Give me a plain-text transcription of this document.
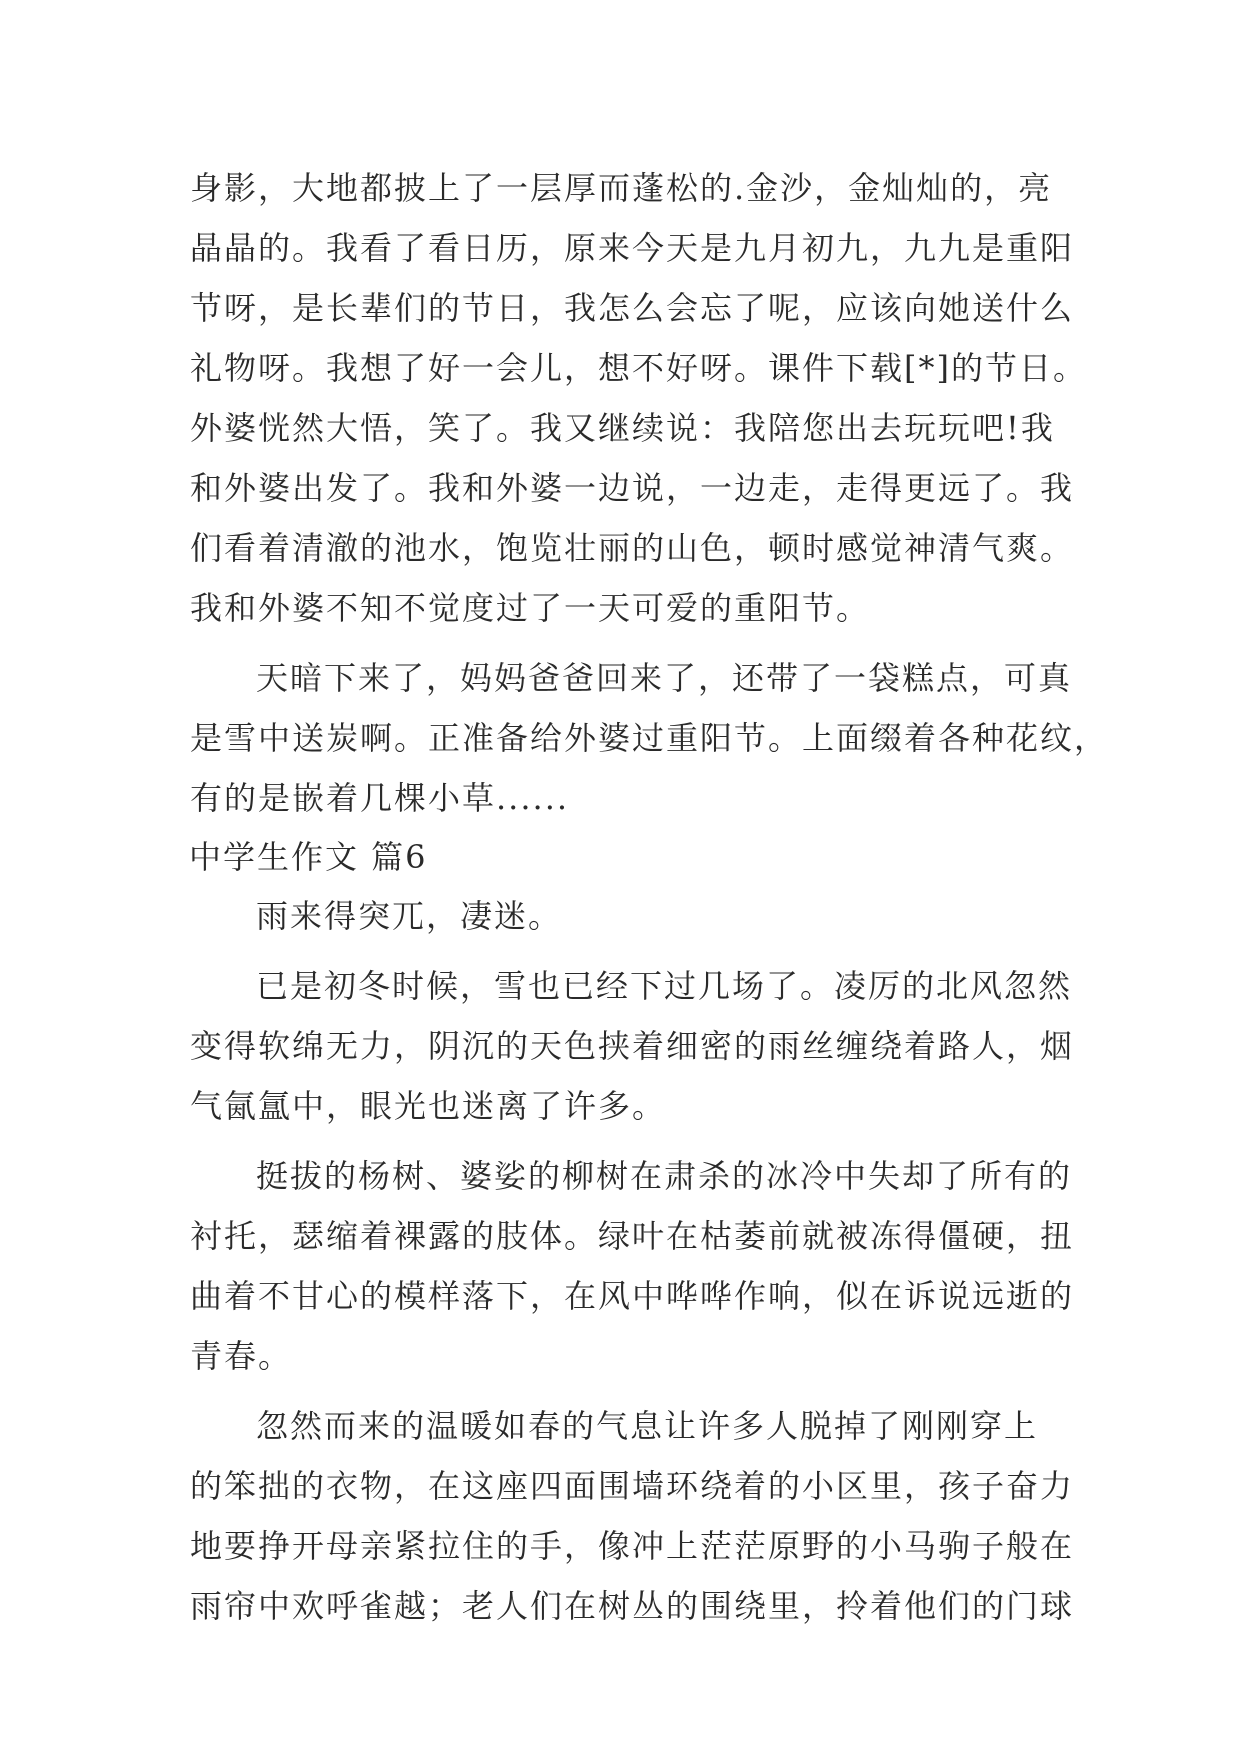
身影，大地都披上了一层厚而蓬松的.金沙，金灿灿的，亮
晶晶的。我看了看日历，原来今天是九月初九，九九是重阳
节呀，是长辈们的节日，我怎么会忘了呢，应该向她送什么
礼物呀。我想了好一会儿，想不好呀。课件下载[*]的节日。
外婆恍然大悟，笑了。我又继续说：我陪您出去玩玩吧!我
和外婆出发了。我和外婆一边说，一边走，走得更远了。我
们看着清澈的池水，饱览壮丽的山色，顿时感觉神清气爽。
我和外婆不知不觉度过了一天可爱的重阳节。
天暗下来了，妈妈爸爸回来了，还带了一袋糕点，可真
是雪中送炭啊。正准备给外婆过重阳节。上面缀着各种花纹，
有的是嵌着几棵小草......
中学生作文 篇6
雨来得突兀，凄迷。
已是初冬时候，雪也已经下过几场了。凌厉的北风忽然
变得软绵无力，阴沉的天色挟着细密的雨丝缠绕着路人，烟
气氤氲中，眼光也迷离了许多。
挺拔的杨树、婆娑的柳树在肃杀的冰冷中失却了所有的
衬托，瑟缩着裸露的肢体。绿叶在枯萎前就被冻得僵硬，扭
曲着不甘心的模样落下，在风中哗哗作响，似在诉说远逝的
青春。
忽然而来的温暖如春的气息让许多人脱掉了刚刚穿上
的笨拙的衣物，在这座四面围墙环绕着的小区里，孩子奋力
地要挣开母亲紧拉住的手，像冲上茫茫原野的小马驹子般在
雨帘中欢呼雀越；老人们在树丛的围绕里，拎着他们的门球
